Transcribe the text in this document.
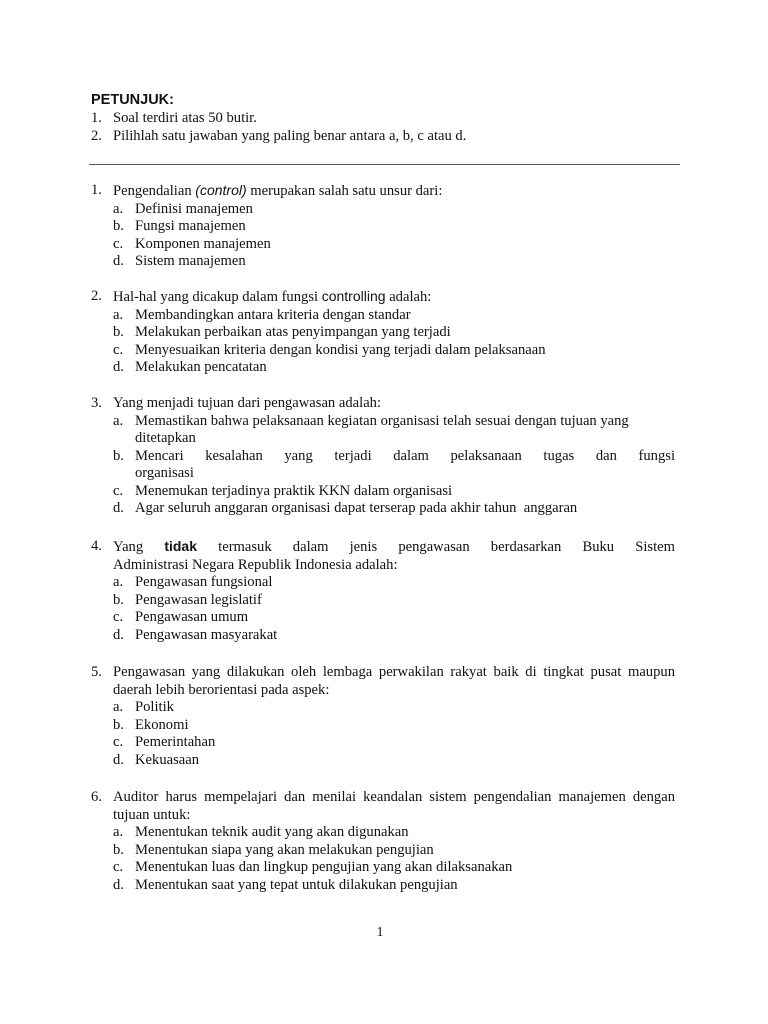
PETUNJUK:
1. Soal terdiri atas 50 butir.
2. Pilihlah satu jawaban yang paling benar antara a, b, c atau d.
1. Pengendalian (control) merupakan salah satu unsur dari:
a. Definisi manajemen
b. Fungsi manajemen
c. Komponen manajemen
d. Sistem manajemen
2. Hal-hal yang dicakup dalam fungsi controlling adalah:
a. Membandingkan antara kriteria dengan standar
b. Melakukan perbaikan atas penyimpangan yang terjadi
c. Menyesuaikan kriteria dengan kondisi yang terjadi dalam pelaksanaan
d. Melakukan pencatatan
3. Yang menjadi tujuan dari pengawasan adalah:
a. Memastikan bahwa pelaksanaan kegiatan organisasi telah sesuai dengan tujuan yang ditetapkan
b. Mencari kesalahan yang terjadi dalam pelaksanaan tugas dan fungsi
organisasi
c. Menemukan terjadinya praktik KKN dalam organisasi
d. Agar seluruh anggaran organisasi dapat terserap pada akhir tahun  anggaran
4. Yang tidak termasuk dalam jenis pengawasan berdasarkan Buku Sistem
Administrasi Negara Republik Indonesia adalah:
a. Pengawasan fungsional
b. Pengawasan legislatif
c. Pengawasan umum
d. Pengawasan masyarakat
5. Pengawasan yang dilakukan oleh lembaga perwakilan rakyat baik di tingkat pusat maupun
daerah lebih berorientasi pada aspek:
a. Politik
b. Ekonomi
c. Pemerintahan
d. Kekuasaan
6. Auditor harus mempelajari dan menilai keandalan sistem pengendalian manajemen dengan
tujuan untuk:
a. Menentukan teknik audit yang akan digunakan
b. Menentukan siapa yang akan melakukan pengujian
c. Menentukan luas dan lingkup pengujian yang akan dilaksanakan
d. Menentukan saat yang tepat untuk dilakukan pengujian
1
